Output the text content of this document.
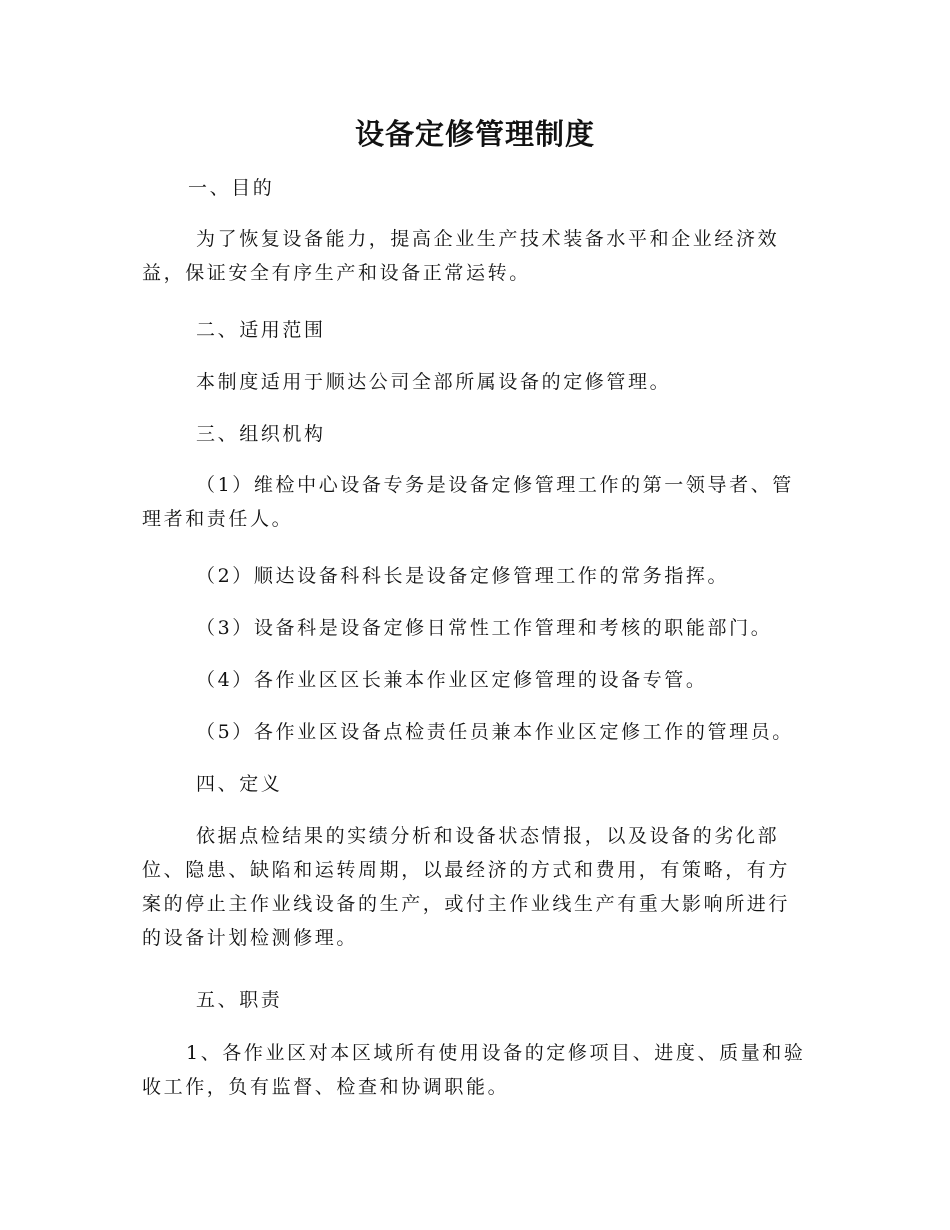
设备定修管理制度
一、目的
为了恢复设备能力，提高企业生产技术装备水平和企业经济效
益，保证安全有序生产和设备正常运转。
二、适用范围
本制度适用于顺达公司全部所属设备的定修管理。
三、组织机构
（1）维检中心设备专务是设备定修管理工作的第一领导者、管
理者和责任人。
（2）顺达设备科科长是设备定修管理工作的常务指挥。
（3）设备科是设备定修日常性工作管理和考核的职能部门。
（4）各作业区区长兼本作业区定修管理的设备专管。
（5）各作业区设备点检责任员兼本作业区定修工作的管理员。
四、定义
依据点检结果的实绩分析和设备状态情报，以及设备的劣化部
位、隐患、缺陷和运转周期，以最经济的方式和费用，有策略，有方
案的停止主作业线设备的生产，或付主作业线生产有重大影响所进行
的设备计划检测修理。
五、职责
1、各作业区对本区域所有使用设备的定修项目、进度、质量和验
收工作，负有监督、检查和协调职能。
